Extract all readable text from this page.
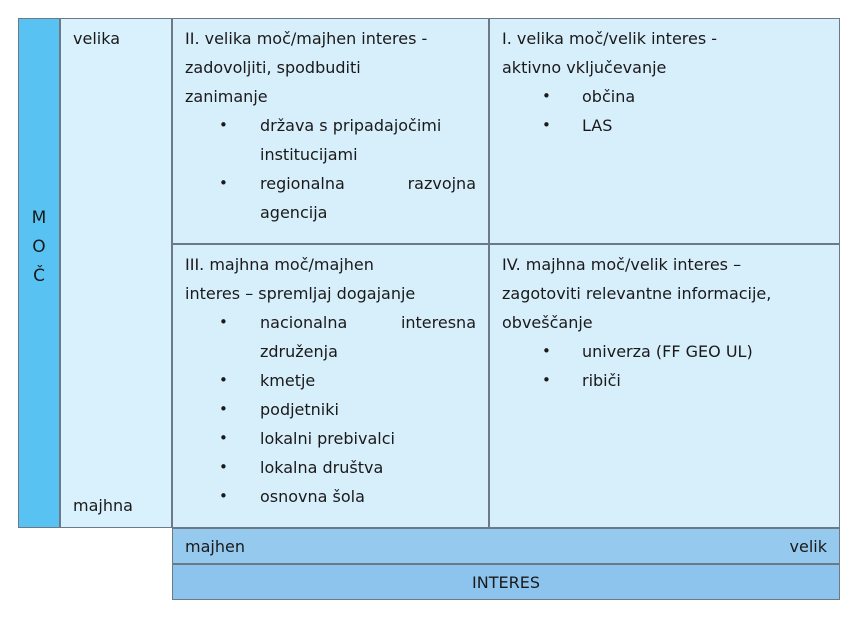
M
O
Č
velika
majhna
II. velika moč/majhen interes -
zadovoljiti, spodbuditi
zanimanje
• država s pripadajočimi
institucijami
• regionalna	razvojna
agencija
I. velika moč/velik interes -
aktivno vključevanje
• občina
• LAS
III. majhna moč/majhen
interes – spremljaj dogajanje
• nacionalna	interesna
združenja
• kmetje
• podjetniki
• lokalni prebivalci
• lokalna društva
• osnovna šola
IV. majhna moč/velik interes –
zagotoviti relevantne informacije,
obveščanje
• univerza (FF GEO UL)
• ribiči
majhen	velik
INTERES
